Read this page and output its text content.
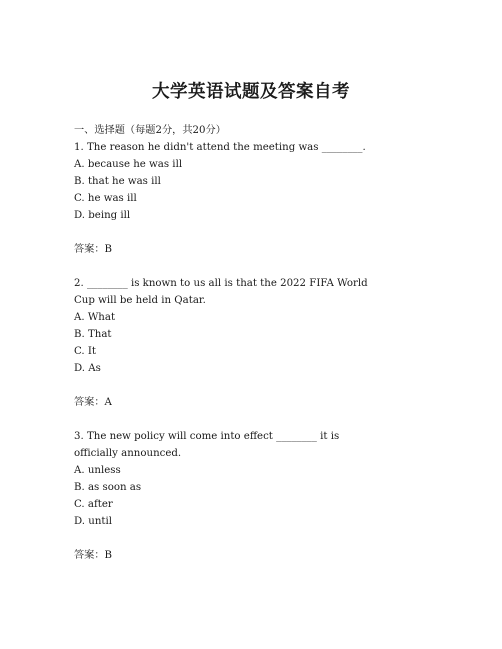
大学英语试题及答案自考

一、选择题（每题2分，共20分）

1. The reason he didn't attend the meeting was ________.

A. because he was ill

B. that he was ill

C. he was ill

D. being ill

答案：B

2. ________ is known to us all is that the 2022 FIFA World

Cup will be held in Qatar.

A. What

B. That

C. It

D. As

答案：A

3. The new policy will come into effect ________ it is

officially announced.

A. unless

B. as soon as

C. after

D. until

答案：B
